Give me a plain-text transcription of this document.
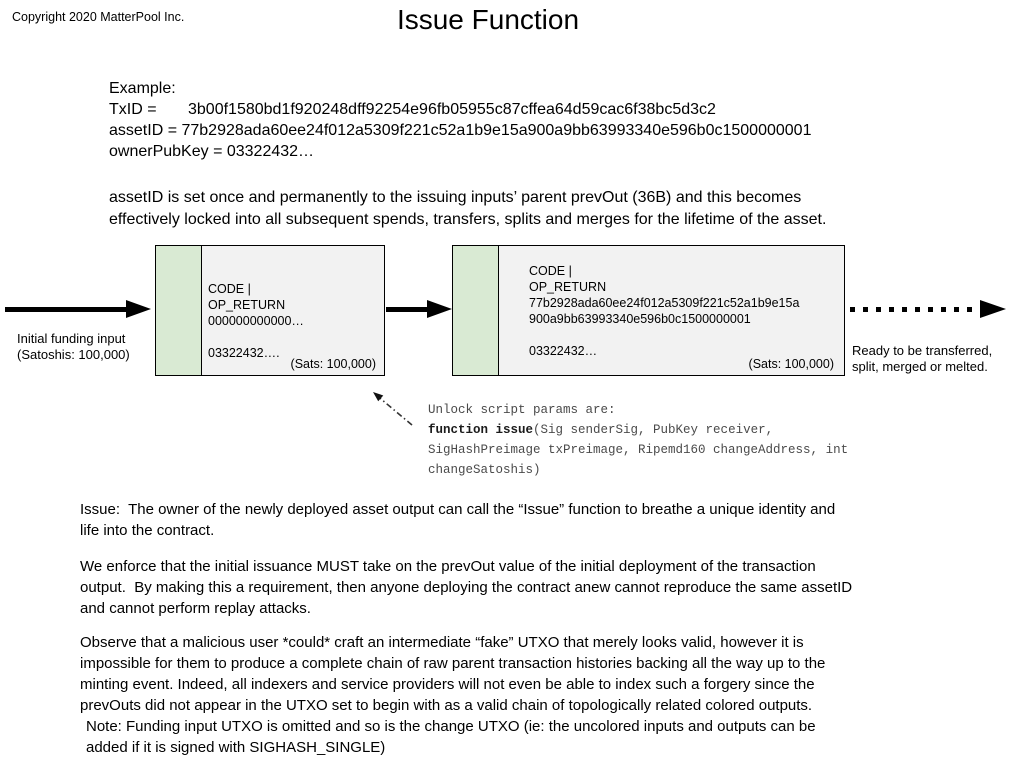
Copyright 2020 MatterPool Inc.	Issue Function
Example:
TxID = 3b00f1580bd1f920248dff92254e96fb05955c87cffea64d59cac6f38bc5d3c2
assetID = 77b2928ada60ee24f012a5309f221c52a1b9e15a900a9bb63993340e596b0c1500000001
ownerPubKey = 03322432…
assetID is set once and permanently to the issuing inputs’ parent prevOut (36B) and this becomes
effectively locked into all subsequent spends, transfers, splits and merges for the lifetime of the asset.
Initial funding input
(Satoshis: 100,000)
CODE |
OP_RETURN
000000000000…
03322432….
(Sats: 100,000)
CODE |
OP_RETURN
77b2928ada60ee24f012a5309f221c52a1b9e15a
900a9bb63993340e596b0c1500000001
03322432…
(Sats: 100,000)
Ready to be transferred,
split, merged or melted.
Unlock script params are:
function issue(Sig senderSig, PubKey receiver,
SigHashPreimage txPreimage, Ripemd160 changeAddress, int
changeSatoshis)
Issue:  The owner of the newly deployed asset output can call the “Issue” function to breathe a unique identity and
life into the contract.
We enforce that the initial issuance MUST take on the prevOut value of the initial deployment of the transaction
output.  By making this a requirement, then anyone deploying the contract anew cannot reproduce the same assetID
and cannot perform replay attacks.
Observe that a malicious user *could* craft an intermediate “fake” UTXO that merely looks valid, however it is
impossible for them to produce a complete chain of raw parent transaction histories backing all the way up to the
minting event. Indeed, all indexers and service providers will not even be able to index such a forgery since the
prevOuts did not appear in the UTXO set to begin with as a valid chain of topologically related colored outputs.
Note: Funding input UTXO is omitted and so is the change UTXO (ie: the uncolored inputs and outputs can be
added if it is signed with SIGHASH_SINGLE)
